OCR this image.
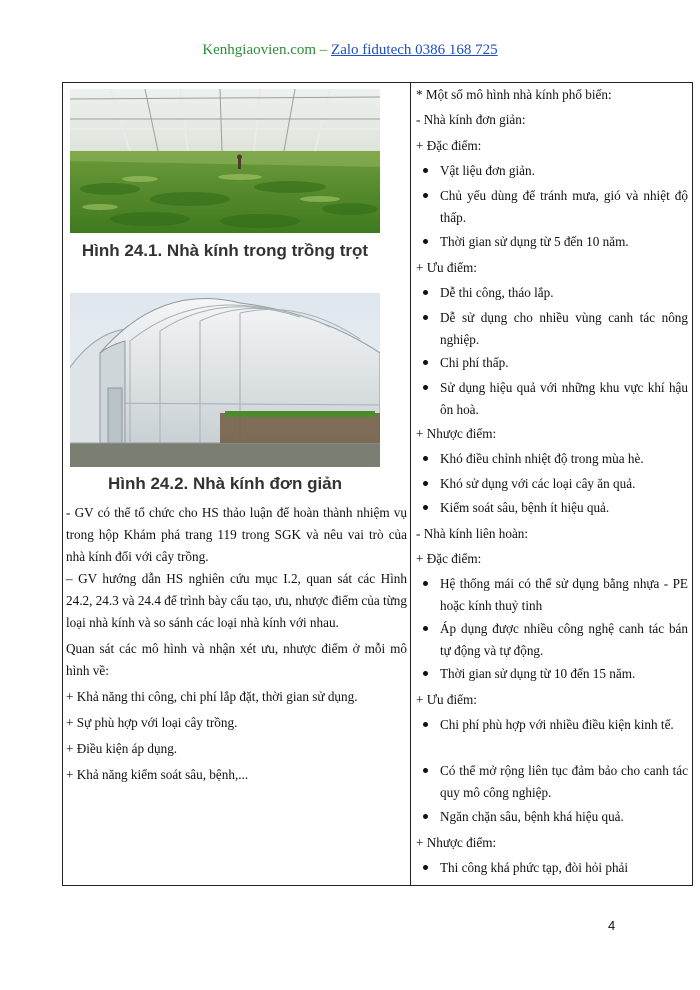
Kenhgiaovien.com – Zalo fidutech 0386 168 725
Hình 24.1. Nhà kính trong trồng trọt
Hình 24.2. Nhà kính đơn giản
- GV có thể tổ chức cho HS thảo luận để hoàn thành nhiệm vụ trong hộp Khám phá trang 119 trong SGK và nêu vai trò của nhà kính đối với cây trồng.
– GV hướng dẫn HS nghiên cứu mục I.2, quan sát các Hình 24.2, 24.3 và 24.4 để trình bày cấu tạo, ưu, nhược điểm của từng loại nhà kính và so sánh các loại nhà kính với nhau.
Quan sát các mô hình và nhận xét ưu, nhược điểm ở mỗi mô hình về:
+ Khả năng thi công, chi phí lắp đặt, thời gian sử dụng.
+ Sự phù hợp với loại cây trồng.
+ Điều kiện áp dụng.
+ Khả năng kiểm soát sâu, bệnh,...
* Một số mô hình nhà kính phổ biến:
- Nhà kính đơn giản:
+ Đặc điểm:
Vật liệu đơn giản.
Chủ yếu dùng để tránh mưa, gió và nhiệt độ thấp.
Thời gian sử dụng từ 5 đến 10 năm.
+ Ưu điểm:
Dễ thi công, tháo lắp.
Dễ sử dụng cho nhiều vùng canh tác nông nghiệp.
Chi phí thấp.
Sử dụng hiệu quả với những khu vực khí hậu ôn hoà.
+ Nhược điểm:
Khó điều chỉnh nhiệt độ trong mùa hè.
Khó sử dụng với các loại cây ăn quả.
Kiểm soát sâu, bệnh ít hiệu quả.
- Nhà kính liên hoàn:
+ Đặc điểm:
Hệ thống mái có thể sử dụng bằng nhựa - PE hoặc kính thuỷ tinh
Áp dụng được nhiều công nghệ canh tác bán tự động và tự động.
Thời gian sử dụng từ 10 đến 15 năm.
+ Ưu điểm:
Chi phí phù hợp với nhiều điều kiện kinh tế.
Có thể mở rộng liên tục đảm bảo cho canh tác quy mô công nghiệp.
Ngăn chặn sâu, bệnh khá hiệu quả.
+ Nhược điểm:
Thi công khá phức tạp, đòi hỏi phải
4
